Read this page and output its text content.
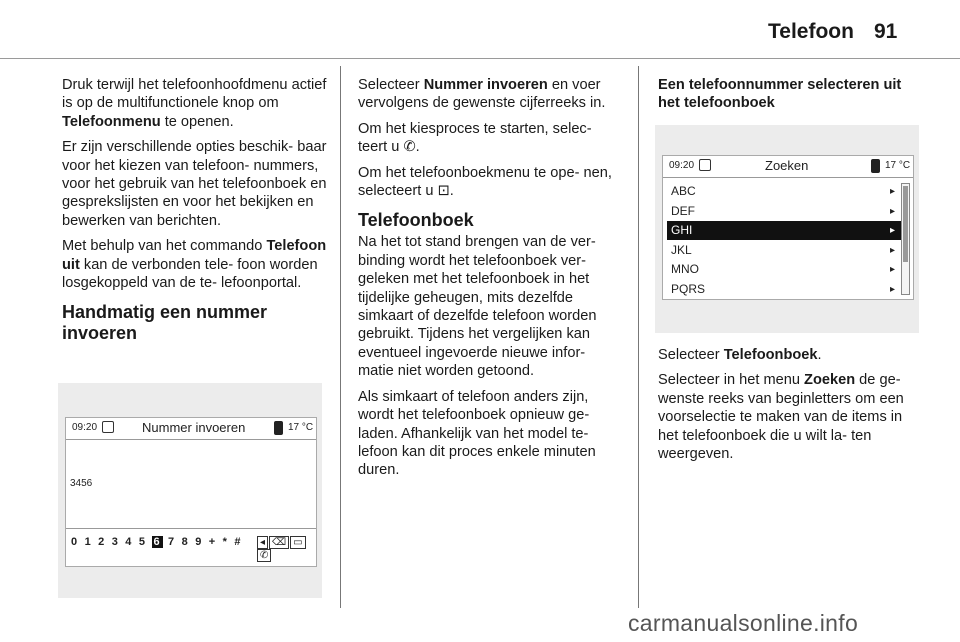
Telefoon 91

Druk terwijl het telefoonhoofdmenu actief is op de multifunctionele knop om Telefoonmenu te openen.

Er zijn verschillende opties beschik- baar voor het kiezen van telefoon- nummers, voor het gebruik van het telefoonboek en gesprekslijsten en voor het bekijken en bewerken van berichten.

Met behulp van het commando Telefoon uit kan de verbonden tele- foon worden losgekoppeld van de te- lefoonportal.

Handmatig een nummer invoeren
09:20	Nummer invoeren	17 °C
3456
0 1 2 3 4 5 6 7 8 9 + * #	◂ ⌫ ▭✆

Selecteer Nummer invoeren en voer vervolgens de gewenste cijferreeks in.

Om het kiesproces te starten, selec- teert u ✆.

Om het telefoonboekmenu te ope- nen, selecteert u ⊡.

Telefoonboek

Na het tot stand brengen van de ver- binding wordt het telefoonboek ver- geleken met het telefoonboek in het tijdelijke geheugen, mits dezelfde simkaart of dezelfde telefoon worden gebruikt. Tijdens het vergelijken kan eventueel ingevoerde nieuwe infor- matie niet worden getoond.

Als simkaart of telefoon anders zijn, wordt het telefoonboek opnieuw ge- laden. Afhankelijk van het model te- lefoon kan dit proces enkele minuten duren.

Een telefoonnummer selecteren uit het telefoonboek
09:20	Zoeken	17 °C
ABC	▸
DEF	▸
GHI	▸
JKL	▸
MNO	▸
PQRS	▸

Selecteer Telefoonboek.

Selecteer in het menu Zoeken de ge- wenste reeks van beginletters om een voorselectie te maken van de items in het telefoonboek die u wilt la- ten weergeven.

carmanualsonline.info
